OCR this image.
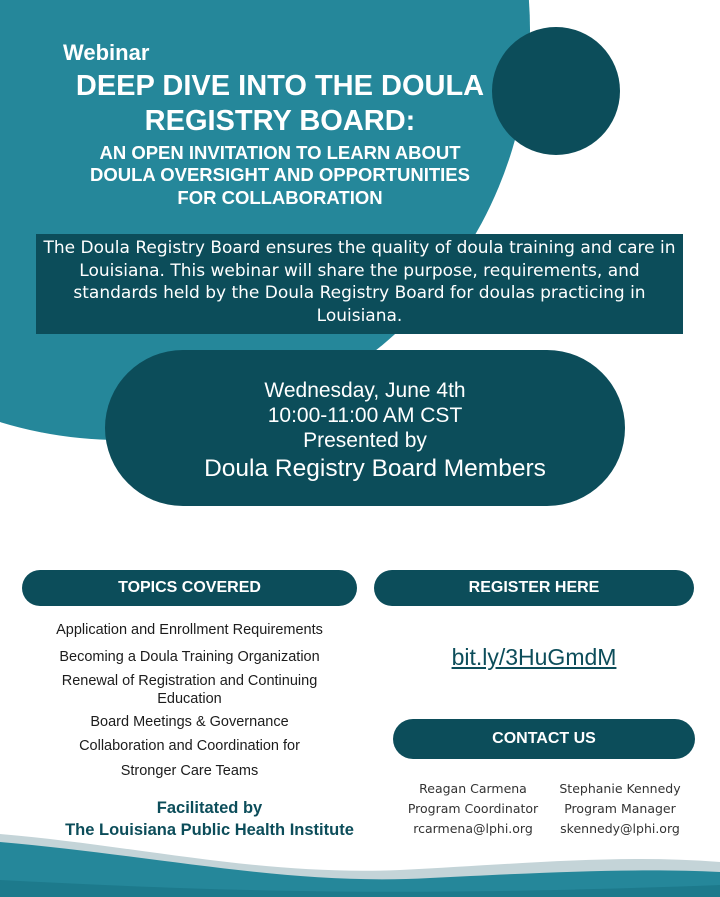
Webinar
DEEP DIVE INTO THE DOULA
REGISTRY BOARD:
AN OPEN INVITATION TO LEARN ABOUT
DOULA OVERSIGHT AND OPPORTUNITIES
FOR COLLABORATION
The Doula Registry Board ensures the quality of doula training and care in Louisiana. This webinar will share the purpose, requirements, and standards held by the Doula Registry Board for doulas practicing in Louisiana.
Wednesday, June 4th
10:00-11:00 AM CST
Presented by
Doula Registry Board Members
TOPICS COVERED
Application and Enrollment Requirements
Becoming a Doula Training Organization
Renewal of Registration and Continuing
Education
Board Meetings & Governance
Collaboration and Coordination for
Stronger Care Teams
REGISTER HERE
bit.ly/3HuGmdM
CONTACT US
Facilitated by
The Louisiana Public Health Institute
Reagan Carmena
Program Coordinator
rcarmena@lphi.org
Stephanie Kennedy
Program Manager
skennedy@lphi.org
